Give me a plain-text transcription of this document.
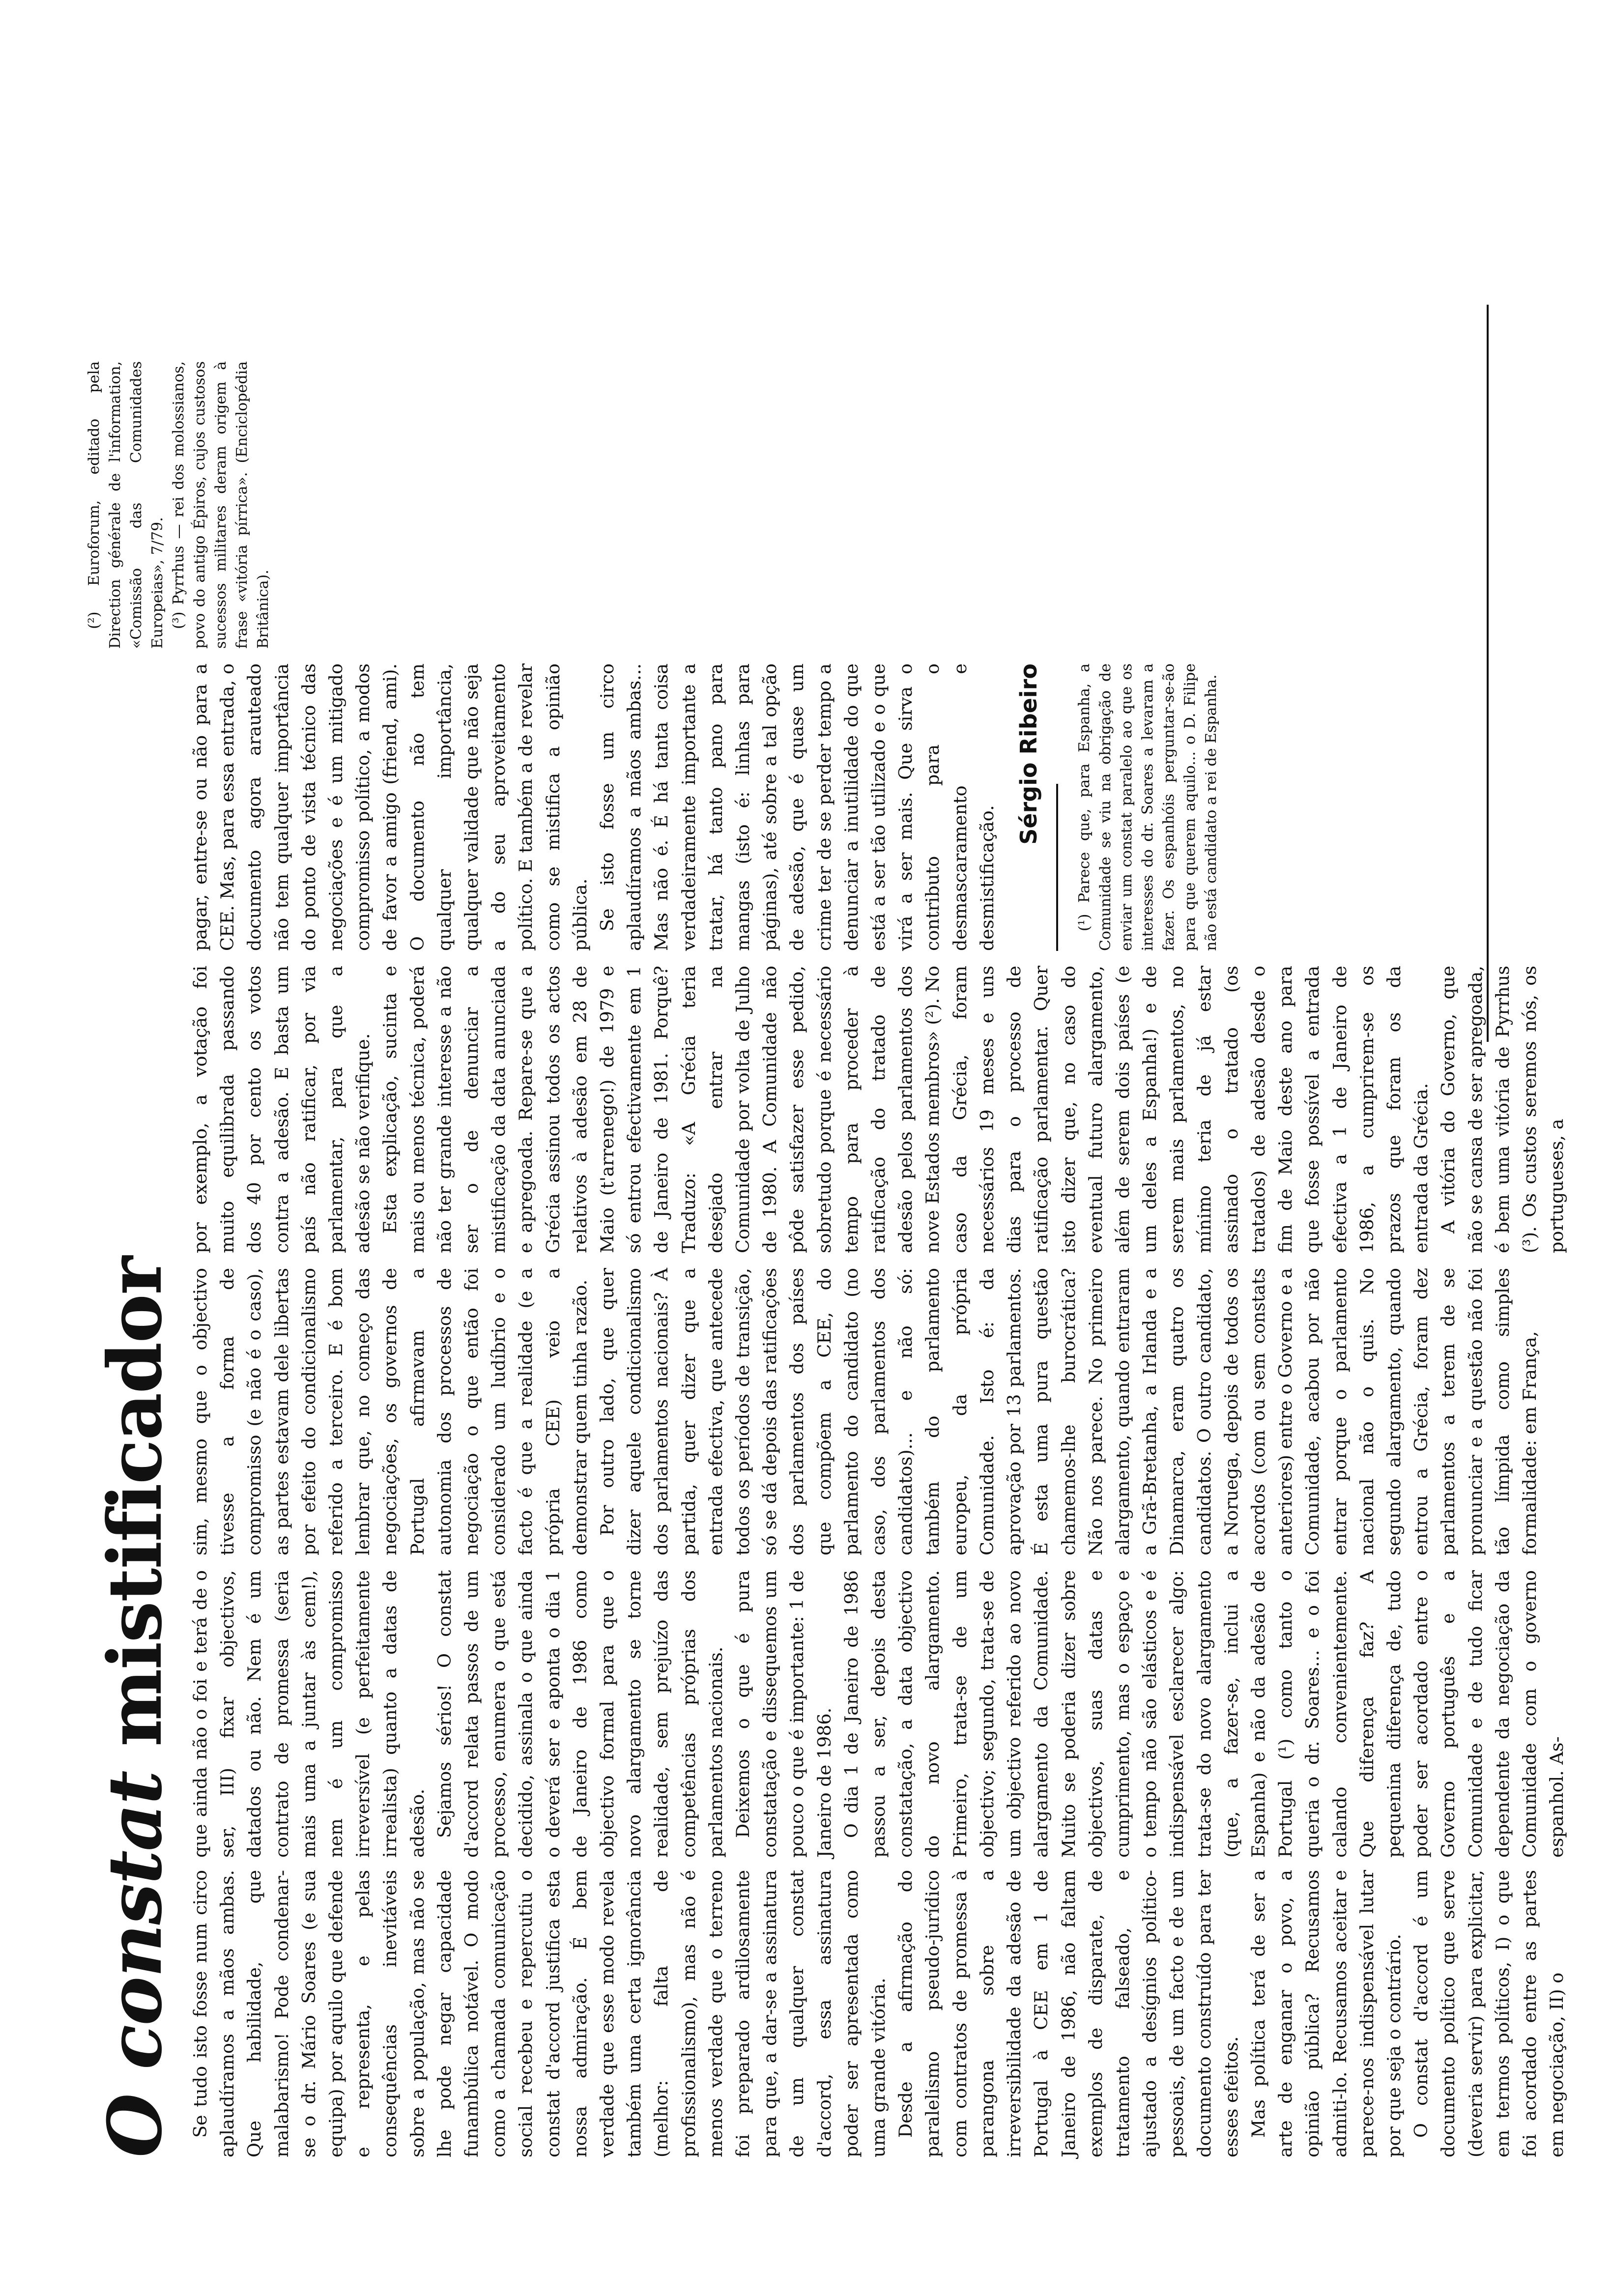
O constat mistificador

Se tudo isto fosse num circo aplaudíramos a mãos ambas. Que habilidade, que malabarismo! Pode condenar-se o dr. Mário Soares (e sua equipa) por aquilo que defende e representa, e pelas consequências inevitáveis sobre a população, mas não se lhe pode negar capacidade funambúlica notável. O modo como a chamada comunicação social recebeu e repercutiu o constat d'accord justifica esta nossa admiração. É bem verdade que esse modo revela também uma certa ignorância (melhor: falta de profissionalismo), mas não é menos verdade que o terreno foi preparado ardilosamente para que, a dar-se a assinatura de um qualquer constat d'accord, essa assinatura poder ser apresentada como uma grande vitória. Desde a afirmação do paralelismo pseudo-jurídico com contratos de promessa à parangona sobre a irreversibilidade da adesão de Portugal à CEE em 1 de Janeiro de 1986, não faltam exemplos de disparate, de tratamento falseado, e ajustado a desígnios político-pessoais, de um facto e de um documento construído para ter esses efeitos. Mas política terá de ser a arte de enganar o povo, a opinião pública? Recusamos admiti-lo. Recusamos aceitar e parece-nos indispensável lutar por que seja o contrário. O constat d'accord é um documento político que serve (deveria servir) para explicitar, em termos políticos, I) o que foi acordado entre as partes em negociação, II) o

que ainda não o foi e terá de o ser, III) fixar objectivos, datados ou não. Nem é um contrato de promessa (seria mais uma a juntar às cem!), nem é um compromisso irreversível (e perfeitamente irrealista) quanto a datas de adesão. Sejamos sérios! O constat d'accord relata passos de um processo, enumera o que está decidido, assinala o que ainda o deverá ser e aponta o dia 1 de Janeiro de 1986 como objectivo formal para que o novo alargamento se torne realidade, sem prejuízo das competências próprias dos parlamentos nacionais. Deixemos o que é pura constatação e dissequemos um pouco o que é importante: 1 de Janeiro de 1986. O dia 1 de Janeiro de 1986 passou a ser, depois desta constatação, a data objectivo do novo alargamento. Primeiro, trata-se de um objectivo; segundo, trata-se de um objectivo referido ao novo alargamento da Comunidade. Muito se poderia dizer sobre objectivos, suas datas e cumprimento, mas o espaço e o tempo não são elásticos e é indispensável esclarecer algo: trata-se do novo alargamento (que, a fazer-se, inclui a Espanha) e não da adesão de Portugal (¹) como tanto o queria o dr. Soares... e o foi calando convenientemente. Que diferença faz? A pequenina diferença de, tudo poder ser acordado entre o Governo português e a Comunidade e de tudo ficar dependente da negociação da Comunidade com o governo espanhol. As-

sim, mesmo que o objectivo tivesse a forma de compromisso (e não é o caso), as partes estavam dele libertas por efeito do condicionalismo referido a terceiro. E é bom lembrar que, no começo das negociações, os governos de Portugal afirmavam a autonomia dos processos de negociação o que então foi considerado um ludíbrio e o facto é que a realidade (e a própria CEE) veio a demonstrar quem tinha razão. Por outro lado, que quer dizer aquele condicionalismo dos parlamentos nacionais? À partida, quer dizer que a entrada efectiva, que antecede todos os períodos de transição, só se dá depois das ratificações dos parlamentos dos países que compõem a CEE, do parlamento do candidato (no caso, dos parlamentos dos candidatos)... e não só: também do parlamento europeu, da própria Comunidade. Isto é: da aprovação por 13 parlamentos. É esta uma pura questão chamemos-lhe burocrática? Não nos parece. No primeiro alargamento, quando entraram a Grã-Bretanha, a Irlanda e a Dinamarca, eram quatro os candidatos. O outro candidato, a Noruega, depois de todos os acordos (com ou sem constats anteriores) entre o Governo e a Comunidade, acabou por não entrar porque o parlamento nacional não o quis. No segundo alargamento, quando entrou a Grécia, foram dez parlamentos a terem de se pronunciar e a questão não foi tão límpida como simples formalidade: em França,

por exemplo, a votação foi muito equilibrada passando dos 40 por cento os votos contra a adesão. E basta um país não ratificar, por via parlamentar, para que a adesão se não verifique. Esta explicação, sucinta e mais ou menos técnica, poderá não ter grande interesse a não ser o de denunciar a mistificação da data anunciada e apregoada. Repare-se que a Grécia assinou todos os actos relativos à adesão em 28 de Maio (t'arrenego!) de 1979 e só entrou efectivamente em 1 de Janeiro de 1981. Porquê? Traduzo: «A Grécia teria desejado entrar na Comunidade por volta de Julho de 1980. A Comunidade não pôde satisfazer esse pedido, sobretudo porque é necessário tempo para proceder à ratificação do tratado de adesão pelos parlamentos dos nove Estados membros» (²). No caso da Grécia, foram necessários 19 meses e uns dias para o processo de ratificação parlamentar. Quer isto dizer que, no caso do eventual futuro alargamento, além de serem dois países (e um deles a Espanha!) e de serem mais parlamentos, no mínimo teria de já estar assinado o tratado (os tratados) de adesão desde o fim de Maio deste ano para que fosse possível a entrada efectiva a 1 de Janeiro de 1986, a cumprirem-se os prazos que foram os da entrada da Grécia. A vitória do Governo, que não se cansa de ser apregoada, é bem uma vitória de Pyrrhus (³). Os custos seremos nós, os portugueses, a

pagar, entre-se ou não para a CEE. Mas, para essa entrada, o documento agora arautеado não tem qualquer importância do ponto de vista técnico das negociações e é um mitigado compromisso político, a modos de favor a amigo (friend, ami). O documento não tem qualquer importância, qualquer validade que não seja a do seu aproveitamento político. E também a de revelar como se mistifica a opinião pública. Se isto fosse um circo aplaudíramos a mãos ambas... Mas não é. É há tanta coisa verdadeiramente importante a tratar, há tanto pano para mangas (isto é: linhas para páginas), até sobre a tal opção de adesão, que é quase um crime ter de se perder tempo a denunciar a inutilidade do que está a ser tão utilizado e o que virá a ser mais. Que sirva o contributo para o desmascaramento e desmistificação.

Sérgio Ribeiro (¹) Parece que, para Espanha, a Comunidade se viu na obrigação de enviar um constat paralelo ao que os interesses do dr. Soares a levaram a fazer. Os espanhóis perguntar-se-ão para que querem aquilo... o D. Filipe não está candidato a rei de Espanha.

(²) Euroforum, editado pela Direction générale de l'information, «Comissão das Comunidades Europeias», 7/79. (³) Pyrrhus — rei dos molossianos, povo do antigo Épiros, cujos custosos sucessos militares deram origem à frase «vitória pírrica». (Enciclopédia Britânica).
